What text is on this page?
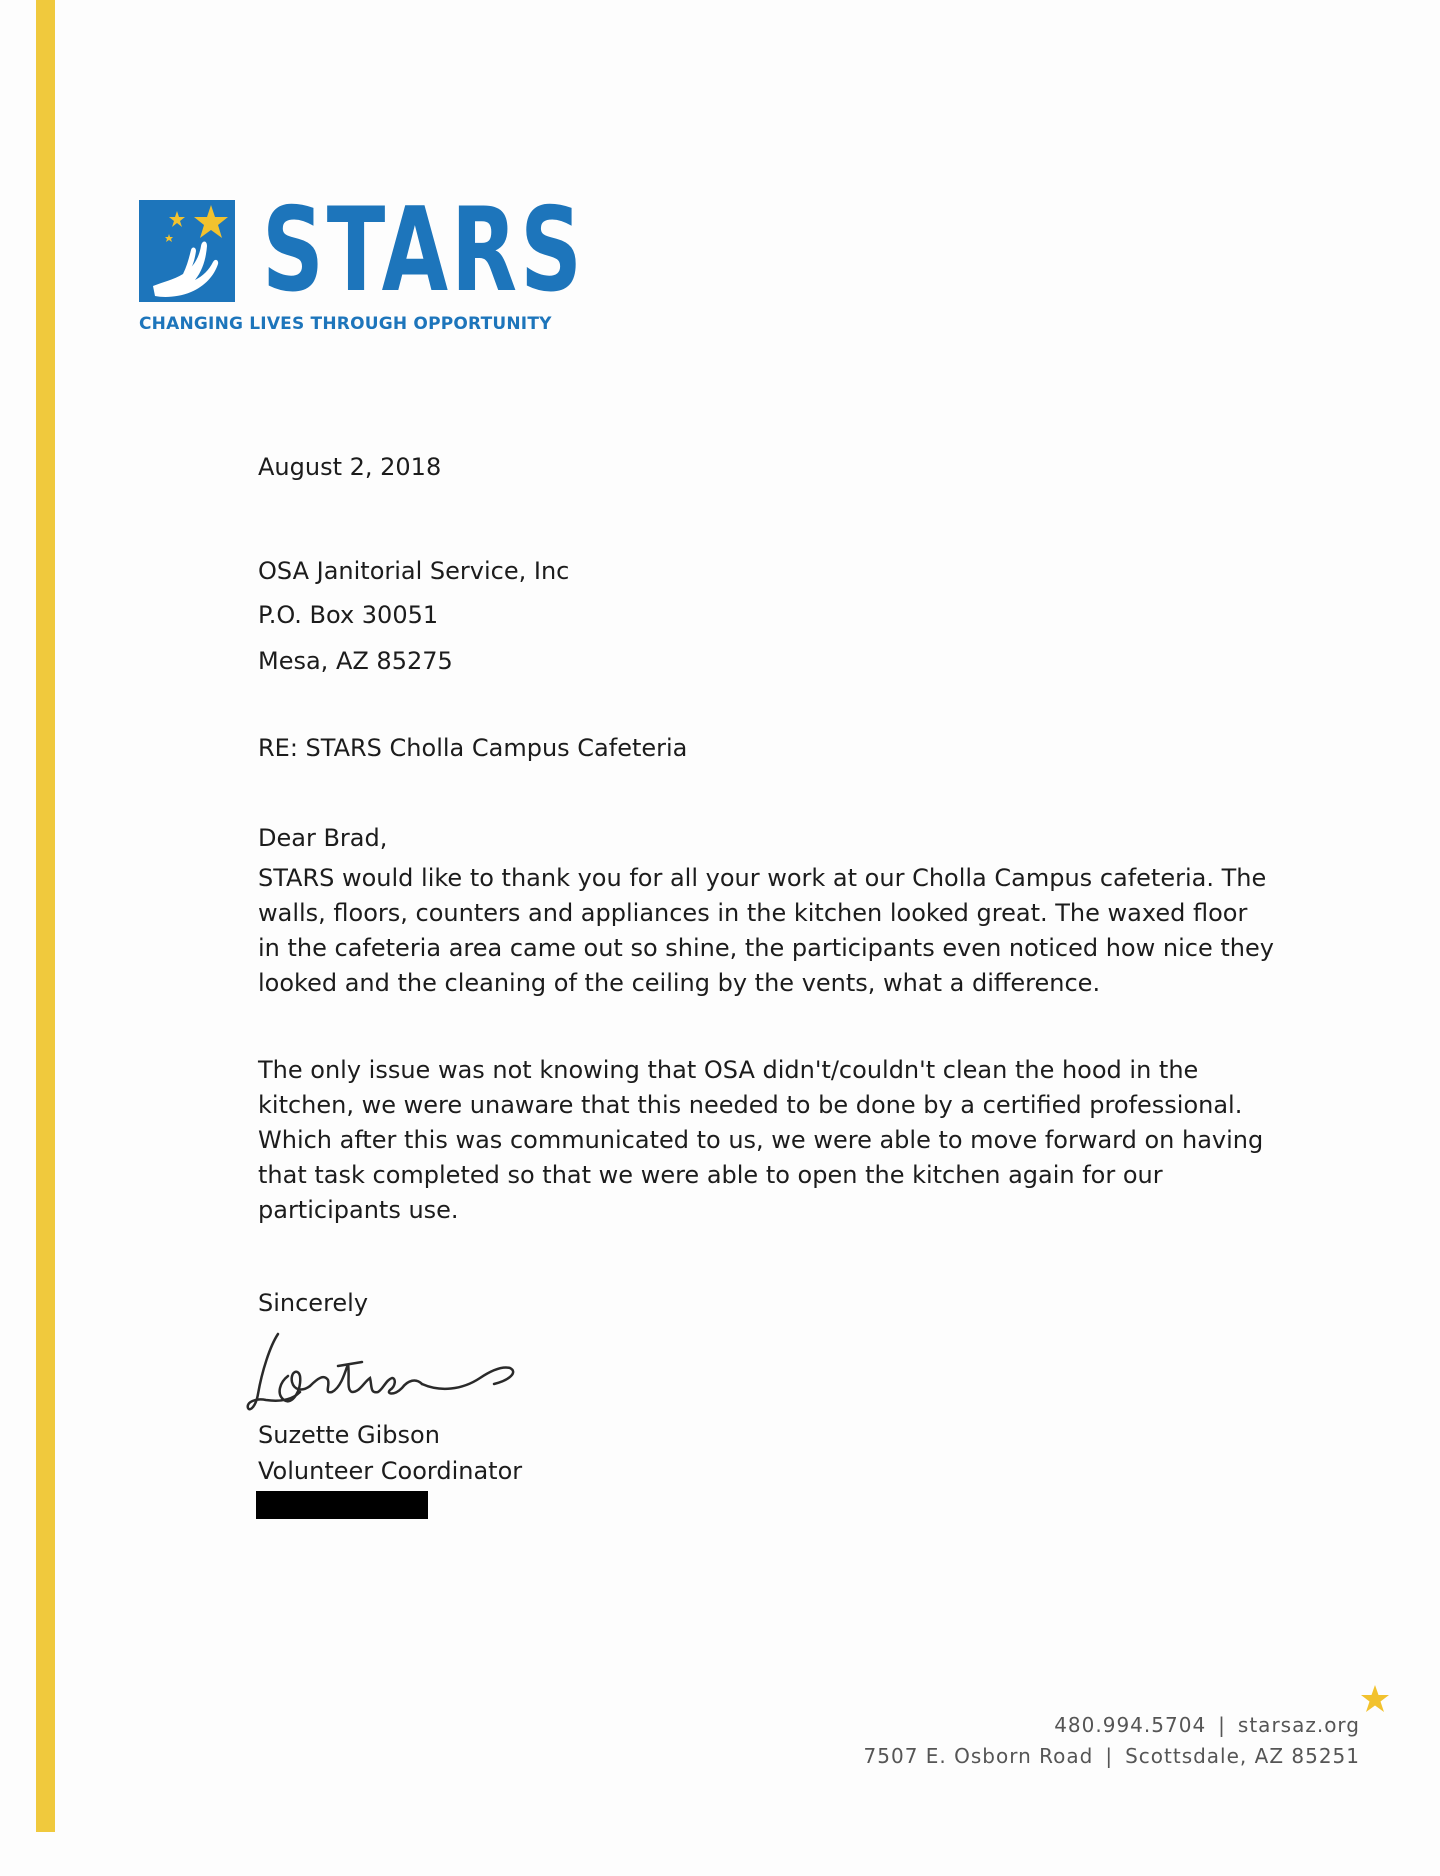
STARS
CHANGING LIVES THROUGH OPPORTUNITY
August 2, 2018
OSA Janitorial Service, Inc
P.O. Box 30051
Mesa, AZ 85275
RE: STARS Cholla Campus Cafeteria
Dear Brad,
STARS would like to thank you for all your work at our Cholla Campus cafeteria. The
walls, floors, counters and appliances in the kitchen looked great. The waxed floor
in the cafeteria area came out so shine, the participants even noticed how nice they
looked and the cleaning of the ceiling by the vents, what a difference.
The only issue was not knowing that OSA didn't/couldn't clean the hood in the
kitchen, we were unaware that this needed to be done by a certified professional.
Which after this was communicated to us, we were able to move forward on having
that task completed so that we were able to open the kitchen again for our
participants use.
Sincerely
Suzette Gibson
Volunteer Coordinator
480.994.5704 | starsaz.org
7507 E. Osborn Road | Scottsdale, AZ 85251
